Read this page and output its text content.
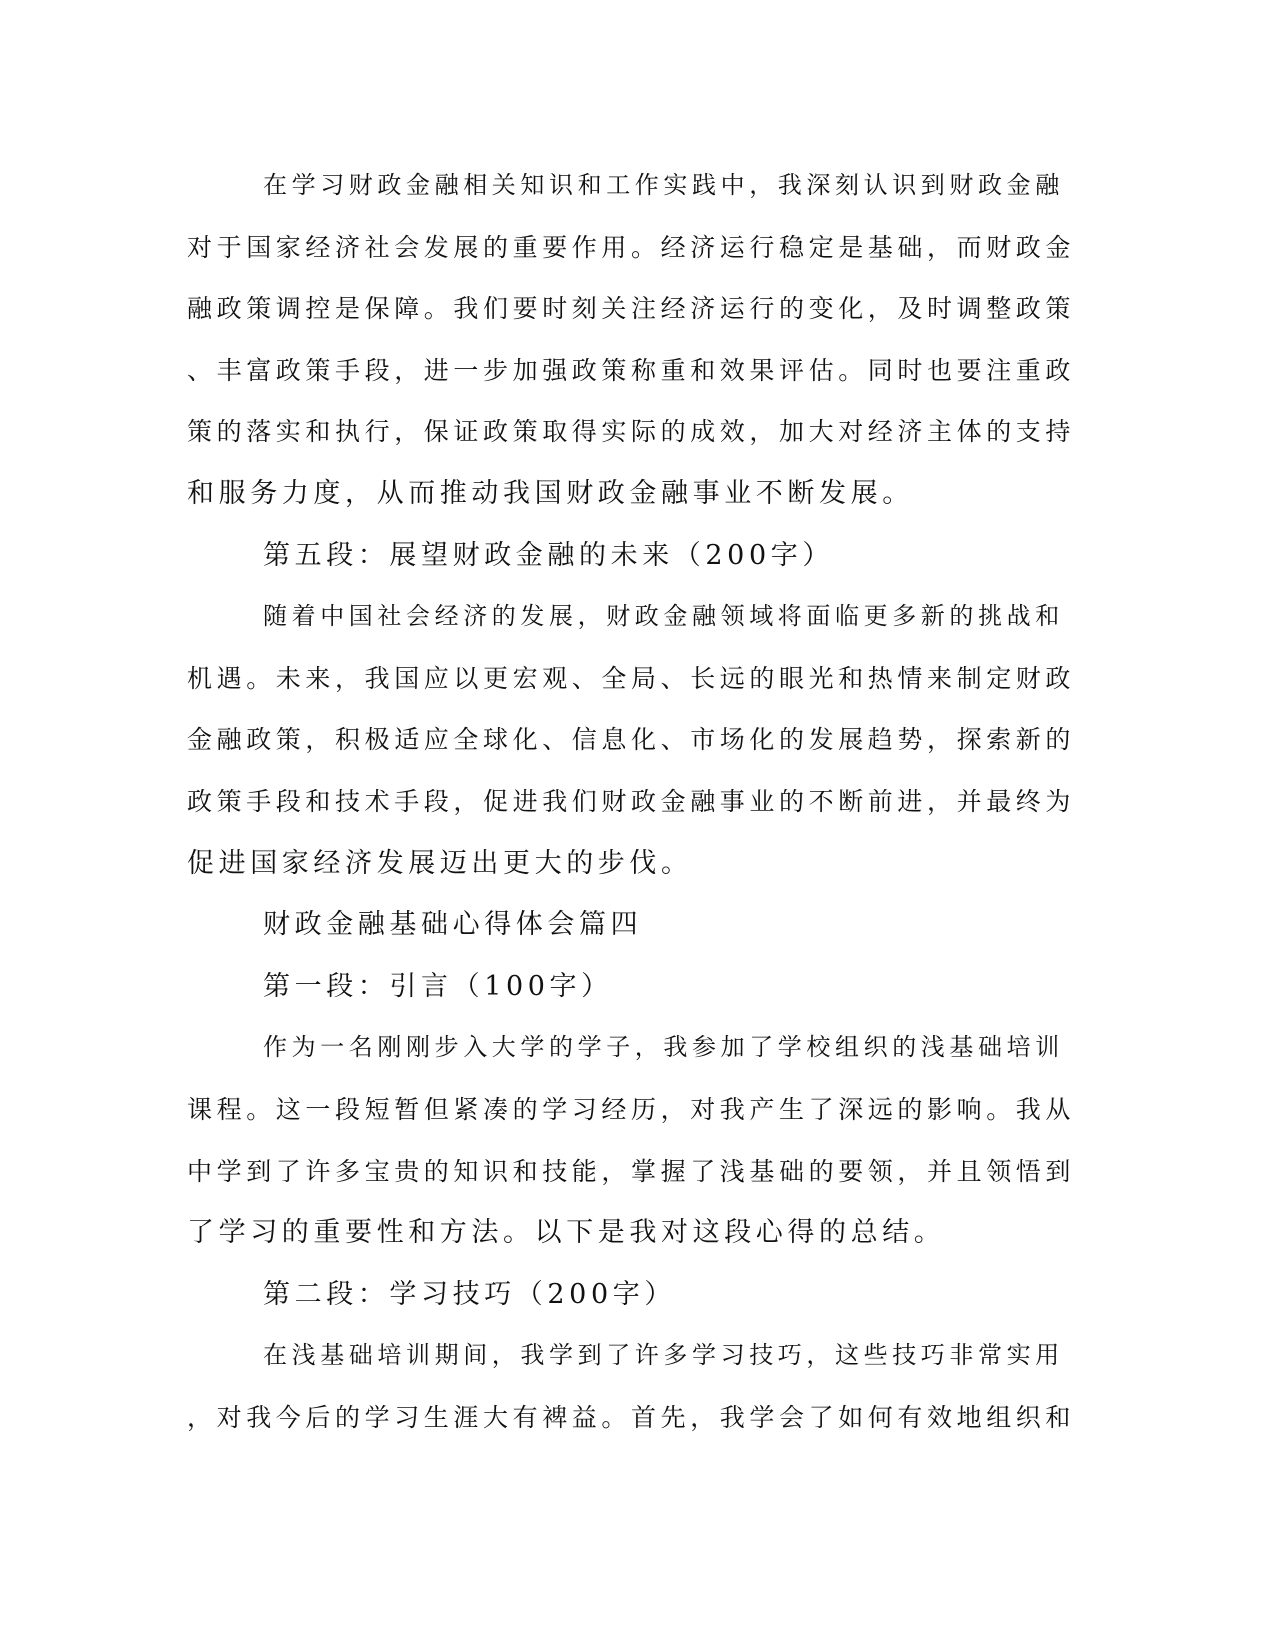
在学习财政金融相关知识和工作实践中，我深刻认识到财政金融
对于国家经济社会发展的重要作用。经济运行稳定是基础，而财政金
融政策调控是保障。我们要时刻关注经济运行的变化，及时调整政策
、丰富政策手段，进一步加强政策称重和效果评估。同时也要注重政
策的落实和执行，保证政策取得实际的成效，加大对经济主体的支持
和服务力度，从而推动我国财政金融事业不断发展。
第五段：展望财政金融的未来（200字）
随着中国社会经济的发展，财政金融领域将面临更多新的挑战和
机遇。未来，我国应以更宏观、全局、长远的眼光和热情来制定财政
金融政策，积极适应全球化、信息化、市场化的发展趋势，探索新的
政策手段和技术手段，促进我们财政金融事业的不断前进，并最终为
促进国家经济发展迈出更大的步伐。
财政金融基础心得体会篇四
第一段：引言（100字）
作为一名刚刚步入大学的学子，我参加了学校组织的浅基础培训
课程。这一段短暂但紧凑的学习经历，对我产生了深远的影响。我从
中学到了许多宝贵的知识和技能，掌握了浅基础的要领，并且领悟到
了学习的重要性和方法。以下是我对这段心得的总结。
第二段：学习技巧（200字）
在浅基础培训期间，我学到了许多学习技巧，这些技巧非常实用
，对我今后的学习生涯大有裨益。首先，我学会了如何有效地组织和
